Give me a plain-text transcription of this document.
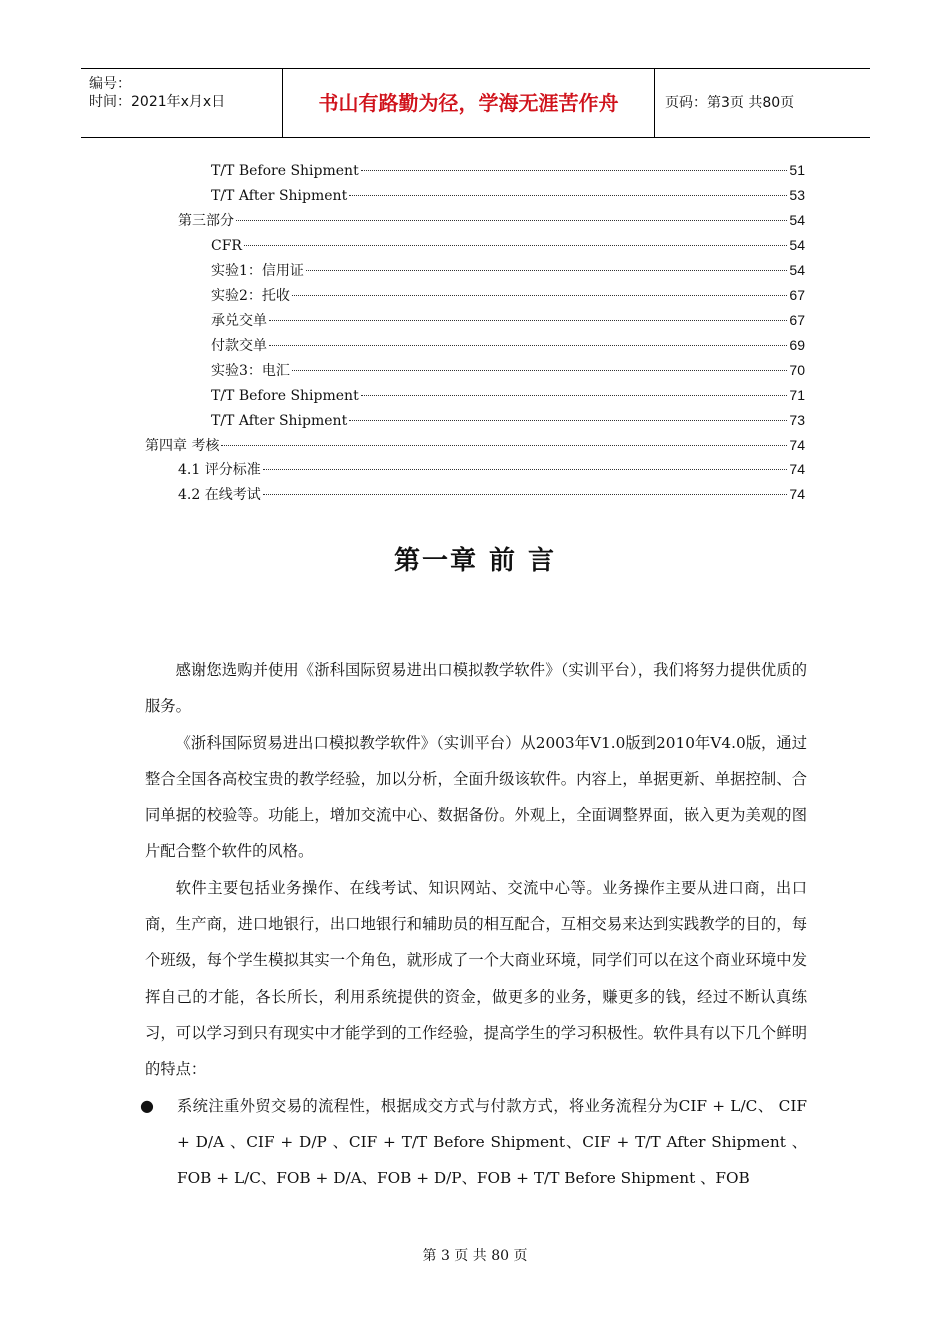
编号：
时间：2021年x月x日	书山有路勤为径，学海无涯苦作舟	页码：第3页 共80页
T/T Before Shipment	51
T/T After Shipment	53
第三部分	54
CFR	54
实验1：信用证	54
实验2：托收	67
承兑交单	67
付款交单	69
实验3：电汇	70
T/T Before Shipment	71
T/T After Shipment	73
第四章 考核	74
4.1 评分标准	74
4.2 在线考试	74
第一章 前 言

感谢您选购并使用《浙科国际贸易进出口模拟教学软件》（实训平台），我们将努力提供优质的服务。

《浙科国际贸易进出口模拟教学软件》（实训平台）从2003年V1.0版到2010年V4.0版，通过整合全国各高校宝贵的教学经验，加以分析，全面升级该软件。内容上，单据更新、单据控制、合同单据的校验等。功能上，增加交流中心、数据备份。外观上，全面调整界面，嵌入更为美观的图片配合整个软件的风格。

软件主要包括业务操作、在线考试、知识网站、交流中心等。业务操作主要从进口商，出口商，生产商，进口地银行，出口地银行和辅助员的相互配合，互相交易来达到实践教学的目的，每个班级，每个学生模拟其实一个角色，就形成了一个大商业环境，同学们可以在这个商业环境中发挥自己的才能，各长所长，利用系统提供的资金，做更多的业务，赚更多的钱，经过不断认真练习，可以学习到只有现实中才能学到的工作经验，提高学生的学习积极性。软件具有以下几个鲜明的特点：

● 系统注重外贸交易的流程性，根据成交方式与付款方式，将业务流程分为CIF + L/C、 CIF + D/A 、CIF + D/P 、CIF + T/T Before Shipment、CIF + T/T After Shipment 、FOB + L/C、FOB + D/A、FOB + D/P、FOB + T/T Before Shipment 、FOB
第 3 页 共 80 页
